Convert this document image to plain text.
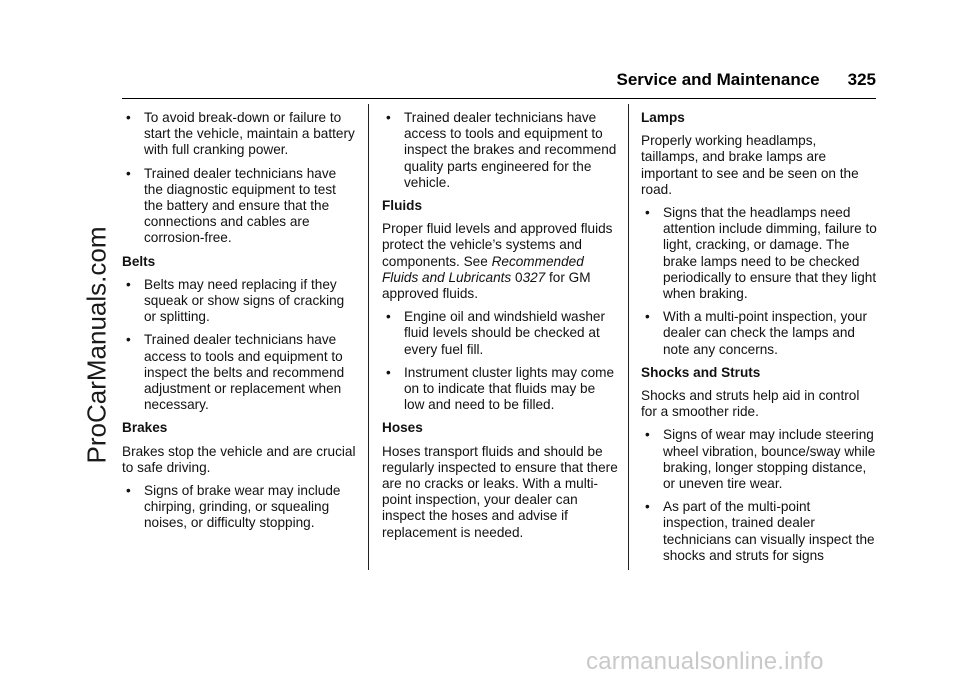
ProCarManuals.com
Service and Maintenance 325
• To avoid break-down or failure to start the vehicle, maintain a battery with full cranking power.
• Trained dealer technicians have the diagnostic equipment to test the battery and ensure that the connections and cables are corrosion-free.
Belts
• Belts may need replacing if they squeak or show signs of cracking or splitting.
• Trained dealer technicians have access to tools and equipment to inspect the belts and recommend adjustment or replacement when necessary.
Brakes

Brakes stop the vehicle and are crucial to safe driving.

• Signs of brake wear may include chirping, grinding, or squealing noises, or difficulty stopping.
• Trained dealer technicians have access to tools and equipment to inspect the brakes and recommend quality parts engineered for the vehicle.
Fluids

Proper fluid levels and approved fluids protect the vehicle’s systems and components. See Recommended Fluids and Lubricants 0327 for GM approved fluids.

• Engine oil and windshield washer fluid levels should be checked at every fuel fill.
• Instrument cluster lights may come on to indicate that fluids may be low and need to be filled.
Hoses

Hoses transport fluids and should be regularly inspected to ensure that there are no cracks or leaks. With a multi-point inspection, your dealer can inspect the hoses and advise if replacement is needed.

Lamps

Properly working headlamps, taillamps, and brake lamps are important to see and be seen on the road.

• Signs that the headlamps need attention include dimming, failure to light, cracking, or damage. The brake lamps need to be checked periodically to ensure that they light when braking.
• With a multi-point inspection, your dealer can check the lamps and note any concerns.
Shocks and Struts

Shocks and struts help aid in control for a smoother ride.

• Signs of wear may include steering wheel vibration, bounce/sway while braking, longer stopping distance, or uneven tire wear.
• As part of the multi-point inspection, trained dealer technicians can visually inspect the shocks and struts for signs
carmanualsonline.info
